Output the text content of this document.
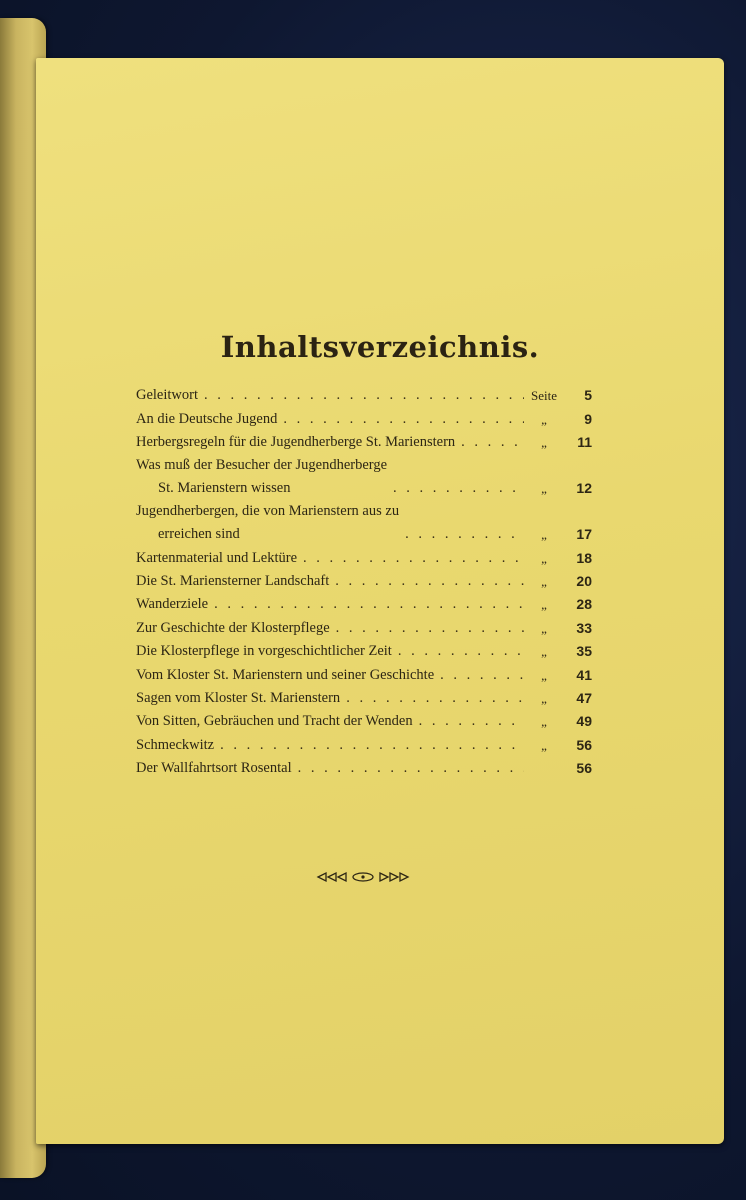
Inhaltsverzeichnis.
Geleitwort . . .	Seite	5
An die Deutsche Jugend . . .	„	9
Herbergsregeln für die Jugendherberge St. Marienstern . . .	„	11
Was muß der Besucher der Jugendherberge
St. Marienstern wissen . . .	„	12
Jugendherbergen, die von Marienstern aus zu
erreichen sind . . .	„	17
Kartenmaterial und Lektüre . . .	„	18
Die St. Mariensterner Landschaft . . .	„	20
Wanderziele . . .	„	28
Zur Geschichte der Klosterpflege . . .	„	33
Die Klosterpflege in vorgeschichtlicher Zeit . . .	„	35
Vom Kloster St. Marienstern und seiner Geschichte . . .	„	41
Sagen vom Kloster St. Marienstern . . .	„	47
Von Sitten, Gebräuchen und Tracht der Wenden . . .	„	49
Schmeckwitz . . .	„	56
Der Wallfahrtsort Rosental . . .	56
